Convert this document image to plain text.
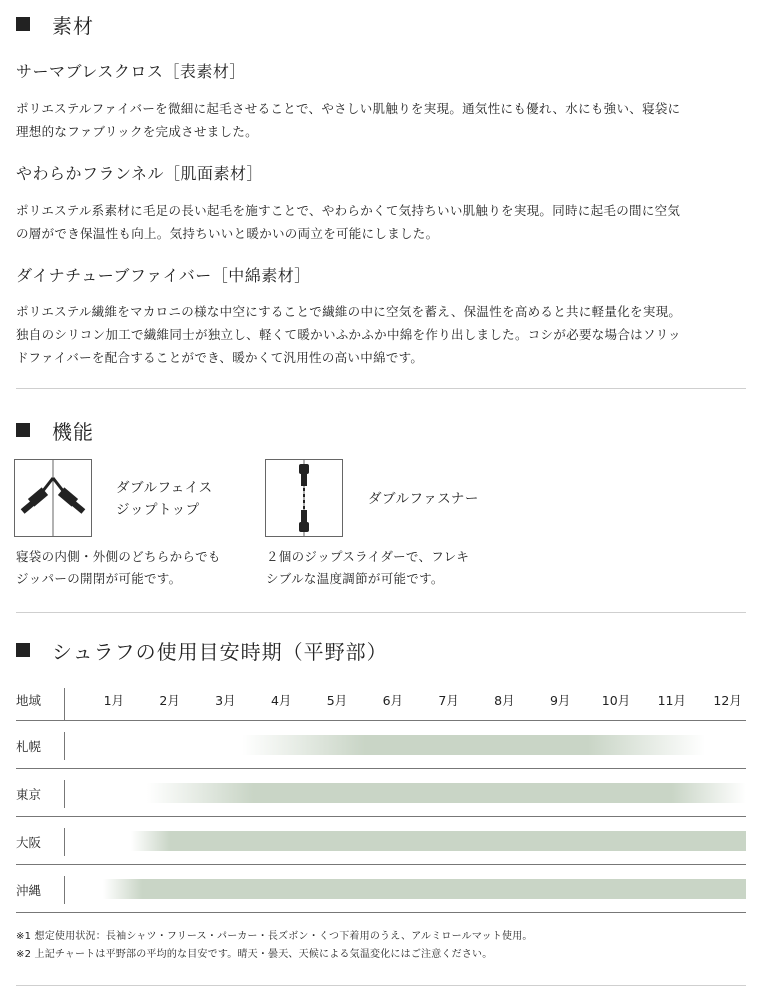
素材
サーマブレスクロス［表素材］
ポリエステルファイバーを微細に起毛させることで、やさしい肌触りを実現。通気性にも優れ、水にも強い、寝袋に
理想的なファブリックを完成させました。
やわらかフランネル［肌面素材］
ポリエステル系素材に毛足の長い起毛を施すことで、やわらかくて気持ちいい肌触りを実現。同時に起毛の間に空気
の層ができ保温性も向上。気持ちいいと暖かいの両立を可能にしました。
ダイナチューブファイバー［中綿素材］
ポリエステル繊維をマカロニの様な中空にすることで繊維の中に空気を蓄え、保温性を高めると共に軽量化を実現。
独自のシリコン加工で繊維同士が独立し、軽くて暖かいふかふか中綿を作り出しました。コシが必要な場合はソリッ
ドファイバーを配合することができ、暖かくて汎用性の高い中綿です。
機能
ダブルフェイス
ジップトップ
ダブルファスナー
寝袋の内側・外側のどちらからでも
ジッパーの開閉が可能です。
２個のジップスライダーで、フレキ
シブルな温度調節が可能です。
シュラフの使用目安時期（平野部）
地域	1月	2月	3月	4月	5月	6月	7月	8月	9月	10月 11月 12月
札幌
東京
大阪
沖縄
※1 想定使用状況：長袖シャツ・フリース・パーカー・長ズボン・くつ下着用のうえ、アルミロールマット使用。
※2 上記チャートは平野部の平均的な目安です。晴天・曇天、天候による気温変化にはご注意ください。
